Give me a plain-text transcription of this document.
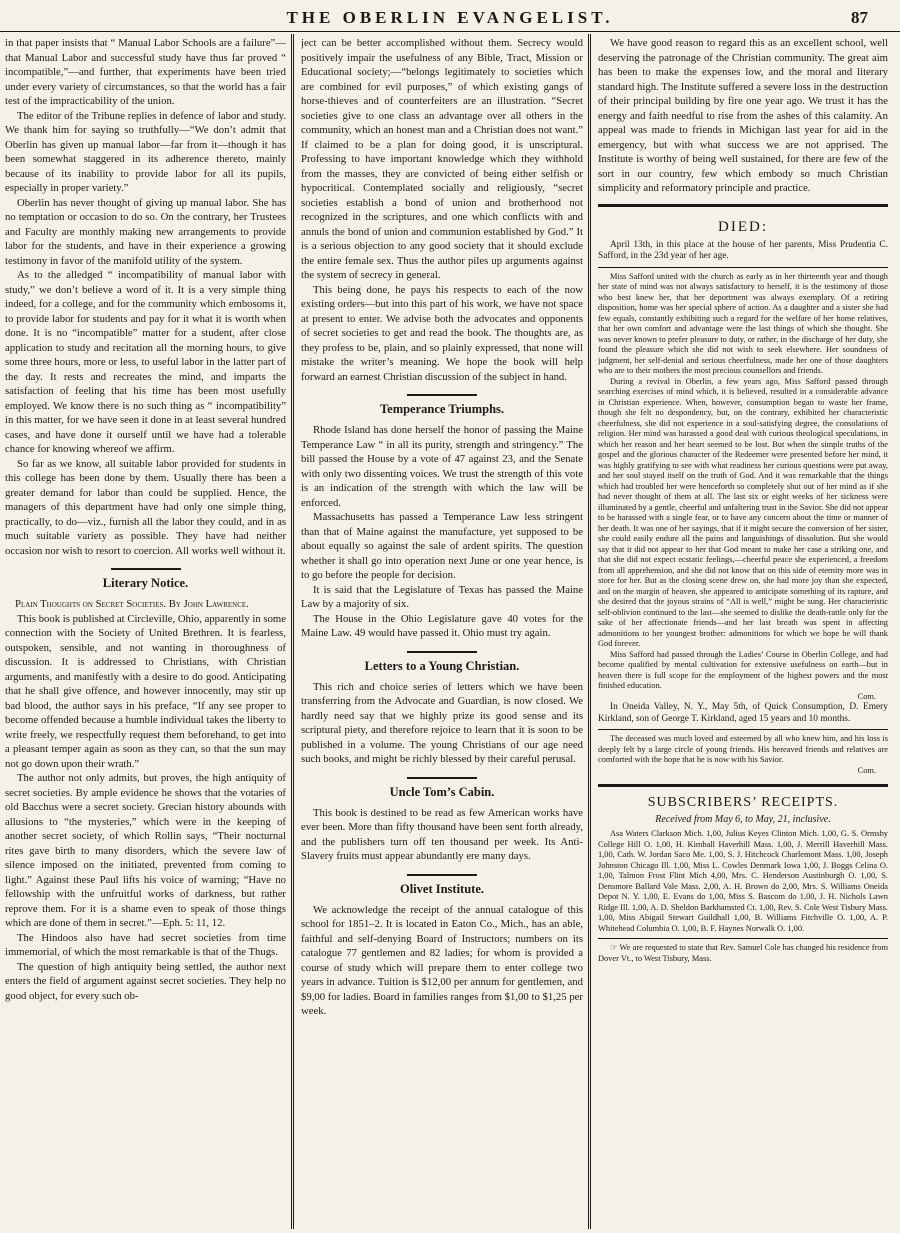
THE OBERLIN EVANGELIST.	87

in that paper insists that “ Manual Labor Schools are a failure”—that Manual Labor and successful study have thus far proved “ incompatible,”—and further, that experiments have been tried under every variety of circumstances, so that the world has a fair test of the impracticability of the union.

The editor of the Tribune replies in defence of labor and study. We thank him for saying so truthfully—“We don’t admit that Oberlin has given up manual labor—far from it—though it has been somewhat staggered in its adherence thereto, mainly because of its inability to provide labor for all its pupils, especially in proper variety.”

Oberlin has never thought of giving up manual labor. She has no temptation or occasion to do so. On the contrary, her Trustees and Faculty are monthly making new arrangements to provide labor for the students, and have in their experience a growing testimony in favor of the manifold utility of the system.

As to the alledged “ incompatibility of manual labor with study,” we don’t believe a word of it. It is a very simple thing indeed, for a college, and for the community which embosoms it, to provide labor for students and pay for it what it is worth when done. It is no “incompatible” matter for a student, after close application to study and recitation all the morning hours, to give some three hours, more or less, to useful labor in the latter part of the day. It rests and recreates the mind, and imparts the satisfaction of feeling that his time has been most usefully employed. We know there is no such thing as “ incompatibility” in this matter, for we have seen it done in at least several hundred cases, and have done it ourself until we have had a tolerable chance for knowing whereof we affirm.

So far as we know, all suitable labor provided for students in this college has been done by them. Usually there has been a greater demand for labor than could be supplied. Hence, the managers of this department have had only one simple thing, practically, to do—viz., furnish all the labor they could, and in as much suitable variety as possible. They have had neither occasion nor wish to resort to coercion. All works well without it.

Literary Notice.

Plain Thoughts on Secret Societies. By John Lawrence.

This book is published at Circleville, Ohio, apparently in some connection with the Society of United Brethren. It is fearless, outspoken, sensible, and not wanting in thoroughness of discussion. It is addressed to Christians, with Christian arguments, and manifestly with a desire to do good. Anticipating that he shall give offence, and however innocently, may stir up bad blood, the author says in his preface, “If any see proper to become offended because a humble individual takes the liberty to write freely, we respectfully request them beforehand, to get into a pleasant temper again as soon as they can, so that the sun may not go down upon their wrath.”

The author not only admits, but proves, the high antiquity of secret societies. By ample evidence he shows that the votaries of old Bacchus were a secret society. Grecian history abounds with allusions to “the mysteries,” which were in the keeping of another secret society, of which Rollin says, “Their nocturnal rites gave birth to many disorders, which the severe law of silence imposed on the initiated, prevented from coming to light.” Against these Paul lifts his voice of warning; “Have no fellowship with the unfruitful works of darkness, but rather reprove them. For it is a shame even to speak of those things which are done of them in secret.”—Eph. 5: 11, 12.

The Hindoos also have had secret societies from time immemorial, of which the most remarkable is that of the Thugs.

The question of high antiquity being settled, the author next enters the field of argument against secret societies. They help no good object, for every such ob-

ject can be better accomplished without them. Secrecy would positively impair the usefulness of any Bible, Tract, Mission or Educational society;—“belongs legitimately to societies which are combined for evil purposes,” of which existing gangs of horse-thieves and of counterfeiters are an illustration. “Secret societies give to one class an advantage over all others in the community, which an honest man and a Christian does not want.” If claimed to be a plan for doing good, it is unscriptural. Professing to have important knowledge which they withhold from the masses, they are convicted of being either selfish or hypocritical. Contemplated socially and religiously, “secret societies establish a bond of union and brotherhood not recognized in the scriptures, and one which conflicts with and annuls the bond of union and communion established by God.” It is a serious objection to any good society that it should exclude the entire female sex. Thus the author piles up arguments against the system of secrecy in general.

This being done, he pays his respects to each of the now existing orders—but into this part of his work, we have not space at present to enter. We advise both the advocates and opponents of secret societies to get and read the book. The thoughts are, as they profess to be, plain, and so plainly expressed, that none will mistake the writer’s meaning. We hope the book will help forward an earnest Christian discussion of the subject in hand.

Temperance Triumphs.

Rhode Island has done herself the honor of passing the Maine Temperance Law “ in all its purity, strength and stringency.” The bill passed the House by a vote of 47 against 23, and the Senate with only two dissenting voices. We trust the strength of this vote is an indication of the strength with which the law will be enforced.

Massachusetts has passed a Temperance Law less stringent than that of Maine against the manufacture, yet supposed to be about equally so against the sale of ardent spirits. The question whether it shall go into operation next June or one year hence, is to go before the people for decision.

It is said that the Legislature of Texas has passed the Maine Law by a majority of six.

The House in the Ohio Legislature gave 40 votes for the Maine Law. 49 would have passed it. Ohio must try again.

Letters to a Young Christian.

This rich and choice series of letters which we have been transferring from the Advocate and Guardian, is now closed. We hardly need say that we highly prize its good sense and its scriptural piety, and therefore rejoice to learn that it is soon to be published in a volume. The young Christians of our age need such books, and might be richly blessed by their careful perusal.

Uncle Tom’s Cabin.

This book is destined to be read as few American works have ever been. More than fifty thousand have been sent forth already, and the publishers turn off ten thousand per week. Its Anti-Slavery fruits must appear abundantly ere many days.

Olivet Institute.

We acknowledge the receipt of the annual catalogue of this school for 1851–2. It is located in Eaton Co., Mich., has an able, faithful and self-denying Board of Instructors; numbers on its catalogue 77 gentlemen and 82 ladies; for whom is provided a course of study which will prepare them to enter college two years in advance. Tuition is $12,00 per annum for gentlemen, and $9,00 for ladies. Board in families ranges from $1,00 to $1,25 per week.

We have good reason to regard this as an excellent school, well deserving the patronage of the Christian community. The great aim has been to make the expenses low, and the moral and literary standard high. The Institute suffered a severe loss in the destruction of their principal building by fire one year ago. We trust it has the energy and faith needful to rise from the ashes of this calamity. An appeal was made to friends in Michigan last year for aid in the emergency, but with what success we are not apprised. The Institute is worthy of being well sustained, for there are few of the sort in our country, few which embody so much Christian simplicity and reformatory principle and practice.

DIED:

April 13th, in this place at the house of her parents, Miss Prudentia C. Safford, in the 23d year of her age.

Miss Safford united with the church as early as in her thirteenth year and though her state of mind was not always satisfactory to herself, it is the testimony of those who best knew her, that her deportment was always exemplary. Of a retiring disposition, home was her special sphere of action. As a daughter and a sister she had few equals, constantly exhibiting such a regard for the welfare of her home relatives, that her own comfort and advantage were the last things of which she thought. She was never known to prefer pleasure to duty, or rather, in the discharge of her duty, she found the pleasure which she did not wish to seek elsewhere. Her soundness of judgment, her self-denial and serious cheerfulness, made her one of those daughters who are to their mothers the most precious counsellors and friends.

During a revival in Oberlin, a few years ago, Miss Safford passed through searching exercises of mind which, it is believed, resulted in a considerable advance in Christian experience. When, however, consumption began to waste her frame, though she felt no despondency, but, on the contrary, exhibited her characteristic cheerfulness, she did not experience in a soul-satisfying degree, the consolations of religion. Her mind was harassed a good deal with curious theological speculations, in which her reason and her heart seemed to be lost. But when the simple truths of the gospel and the glorious character of the Redeemer were presented before her mind, it was highly gratifying to see with what readiness her curious questions were put away, and her soul stayed itself on the truth of God. And it was remarkable that the things which had troubled her were henceforth so completely shut out of her mind as if she had never thought of them at all. The last six or eight weeks of her sickness were illuminated by a gentle, cheerful and unfaltering trust in the Savior. She did not appear to be harassed with a single fear, or to have any concern about the time or manner of her death. It was one of her sayings, that if it might secure the conversion of her sister, she could easily endure all the pains and languishings of dissolution. But she would say that it did not appear to her that God meant to make her case a striking one, and that she did not expect ecstatic feelings,—cheerful peace she experienced, a freedom from all apprehension, and she did not know that on this side of eternity more was in store for her. But as the closing scene drew on, she had more joy than she expected, and on the margin of heaven, she appeared to anticipate something of its rapture, and she desired that the joyous strains of “All is well,” might be sung. Her characteristic self-oblivion continued to the last—she seemed to dislike the death-rattle only for the sake of her affectionate friends—and her last breath was spent in affecting admonitions to her youngest brother: admonitions for which we hope he will thank God forever.

Miss Safford had passed through the Ladies’ Course in Oberlin College, and had become qualified by mental cultivation for extensive usefulness on earth—but in heaven there is full scope for the employment of the highest powers and the most finished education.

Com.

In Oneida Valley, N. Y., May 5th, of Quick Consumption, D. Emery Kirkland, son of George T. Kirkland, aged 15 years and 10 months.

The deceased was much loved and esteemed by all who knew him, and his loss is deeply felt by a large circle of young friends. His bereaved friends and relatives are comforted with the hope that he is now with his Savior.

Com.

SUBSCRIBERS’ RECEIPTS.
Received from May 6, to May, 21, inclusive.

Asa Waters Clarkson Mich. 1,00, Julius Keyes Clinton Mich. 1,00, G. S. Ormsby College Hill O. 1,00, H. Kimball Haverhill Mass. 1,00, J. Merrill Haverhill Mass. 1,00, Cath. W. Jordan Saco Me. 1,00, S. J. Hitchcock Charlemont Mass. 1,00, Joseph Johnston Chicago Ill. 1,00, Miss L. Cowles Denmark Iowa 1,00, J. Boggs Celina O. 1,00, Talmon Frost Flint Mich 4,00, Mrs. C. Henderson Austinburgh O. 1,00, S. Densmore Ballard Vale Mass. 2,00, A. H. Brown do 2,00, Mrs. S. Williams Oneida Depot N. Y. 1,00, E. Evans do 1,00, Miss S. Bascom do 1,00, J. H. Nichols Lawn Ridge Ill. 1,00, A. D. Sheldon Barkhamsted Ct. 1,00, Rev. S. Cole West Tisbury Mass. 1,00, Miss Abigail Stewart Guildhall 1,00, B. Williams Fitchville O. 1,00, A. P. Whitehead Columbia O. 1,00, B. F. Haynes Norwalk O. 1,00.

☞ We are requested to state that Rev. Samuel Cole has changed his residence from Dover Vt., to West Tisbury, Mass.
